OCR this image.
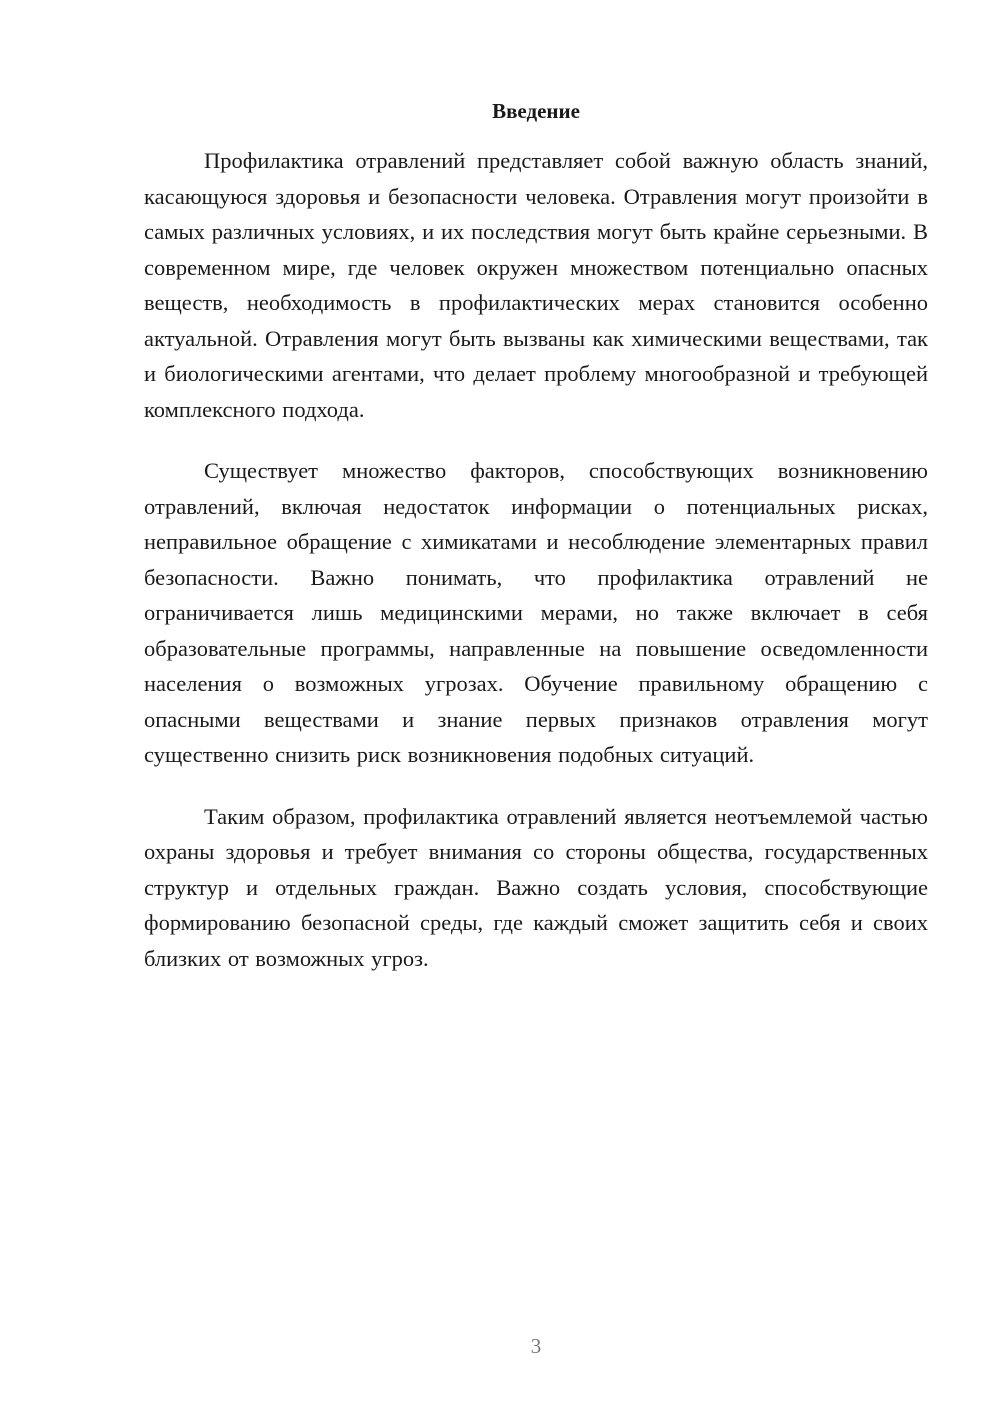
Введение

Профилактика отравлений представляет собой важную область знаний, касающуюся здоровья и безопасности человека. Отравления могут произойти в самых различных условиях, и их последствия могут быть крайне серьезными. В современном мире, где человек окружен множеством потенциально опасных веществ, необходимость в профилактических мерах становится особенно актуальной. Отравления могут быть вызваны как химическими веществами, так и биологическими агентами, что делает проблему многообразной и требующей комплексного подхода.

Существует множество факторов, способствующих возникновению отравлений, включая недостаток информации о потенциальных рисках, неправильное обращение с химикатами и несоблюдение элементарных правил безопасности. Важно понимать, что профилактика отравлений не ограничивается лишь медицинскими мерами, но также включает в себя образовательные программы, направленные на повышение осведомленности населения о возможных угрозах. Обучение правильному обращению с опасными веществами и знание первых признаков отравления могут существенно снизить риск возникновения подобных ситуаций.

Таким образом, профилактика отравлений является неотъемлемой частью охраны здоровья и требует внимания со стороны общества, государственных структур и отдельных граждан. Важно создать условия, способствующие формированию безопасной среды, где каждый сможет защитить себя и своих близких от возможных угроз.

3
